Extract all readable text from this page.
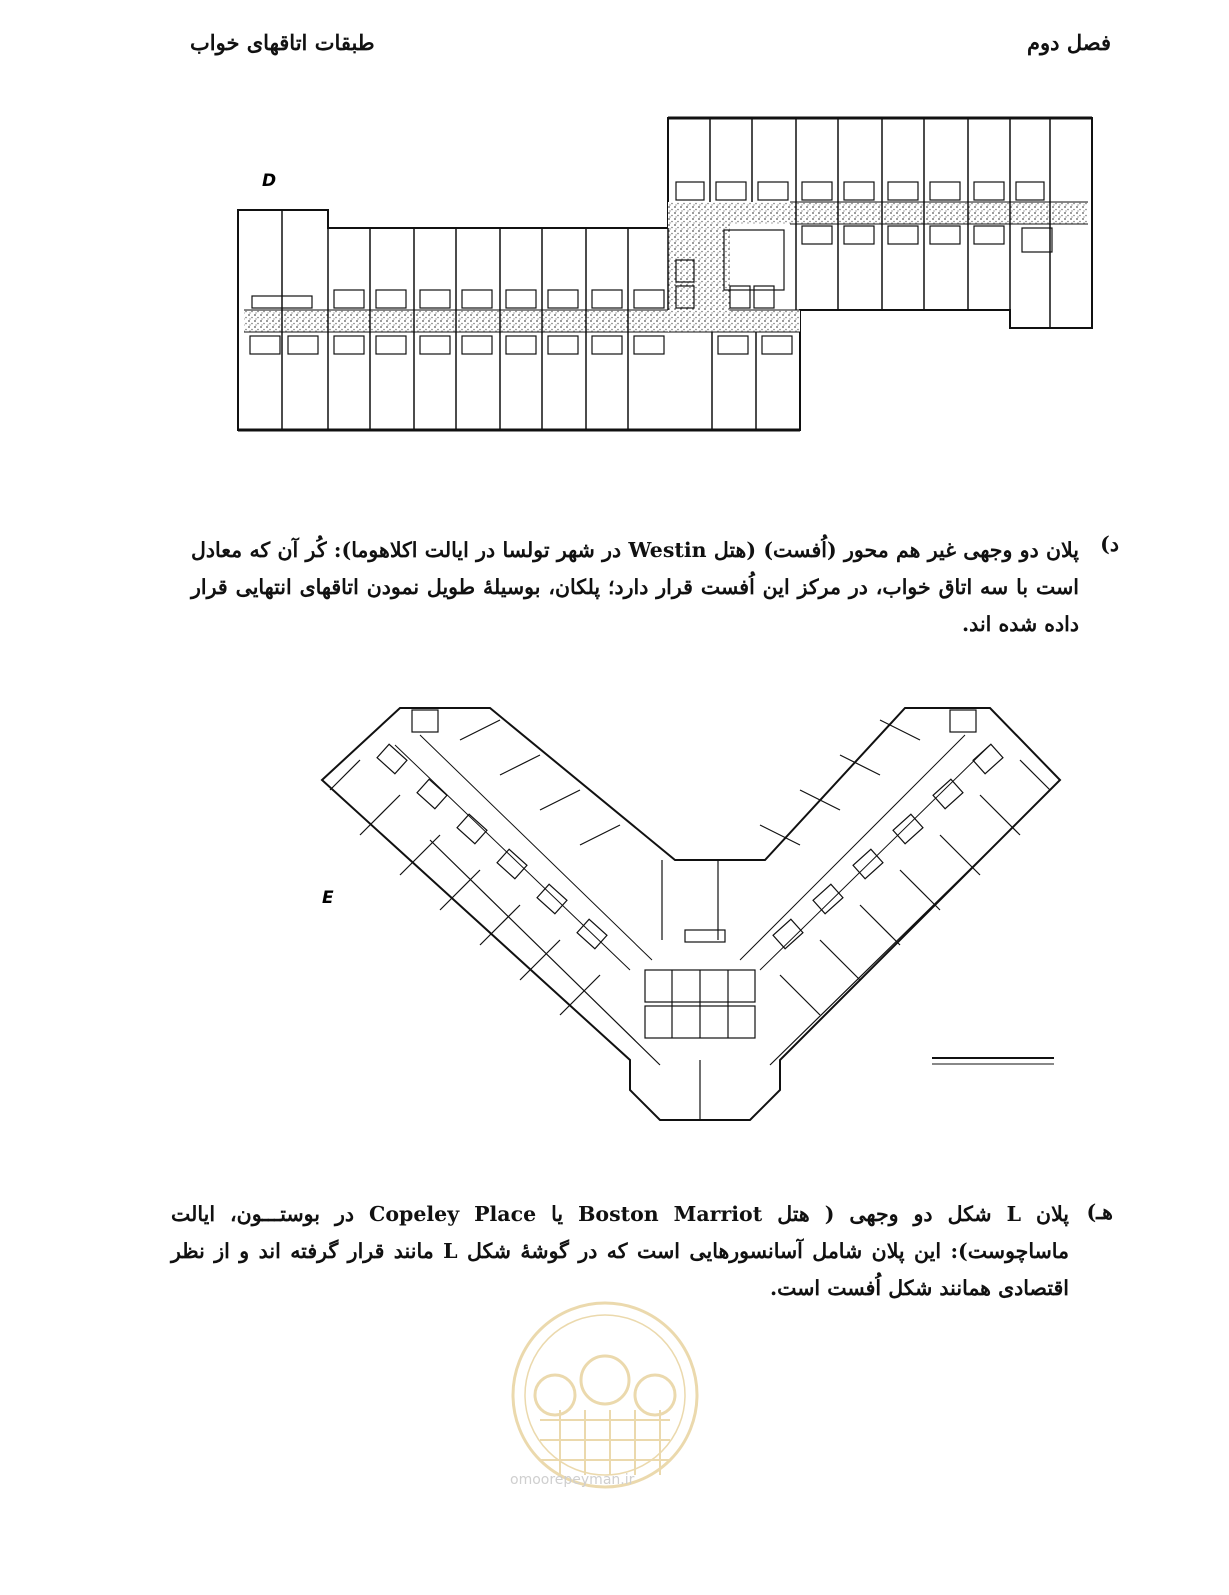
فصل دوم
طبقات اتاقهای خواب
D
د)
پلان دو وجهی غیر هم محور (اُفست) (هتل Westin در شهر تولسا در ایالت اکلاهوما): کُر آن که معادل است با سه اتاق خواب، در مرکز این اُفست قرار دارد؛ پلکان، بوسیلهٔ طویل نمودن اتاقهای انتهایی قرار داده شده اند.
E
هـ)
پلان L شکل دو وجهی ( هتل Boston Marriot یا Copeley Place در بوستـــون، ایالت ماساچوست): این پلان شامل آسانسورهایی است که در گوشهٔ شکل L مانند قرار گرفته اند و از نظر اقتصادی همانند شکل اُفست است.
omoorepeyman.ir
